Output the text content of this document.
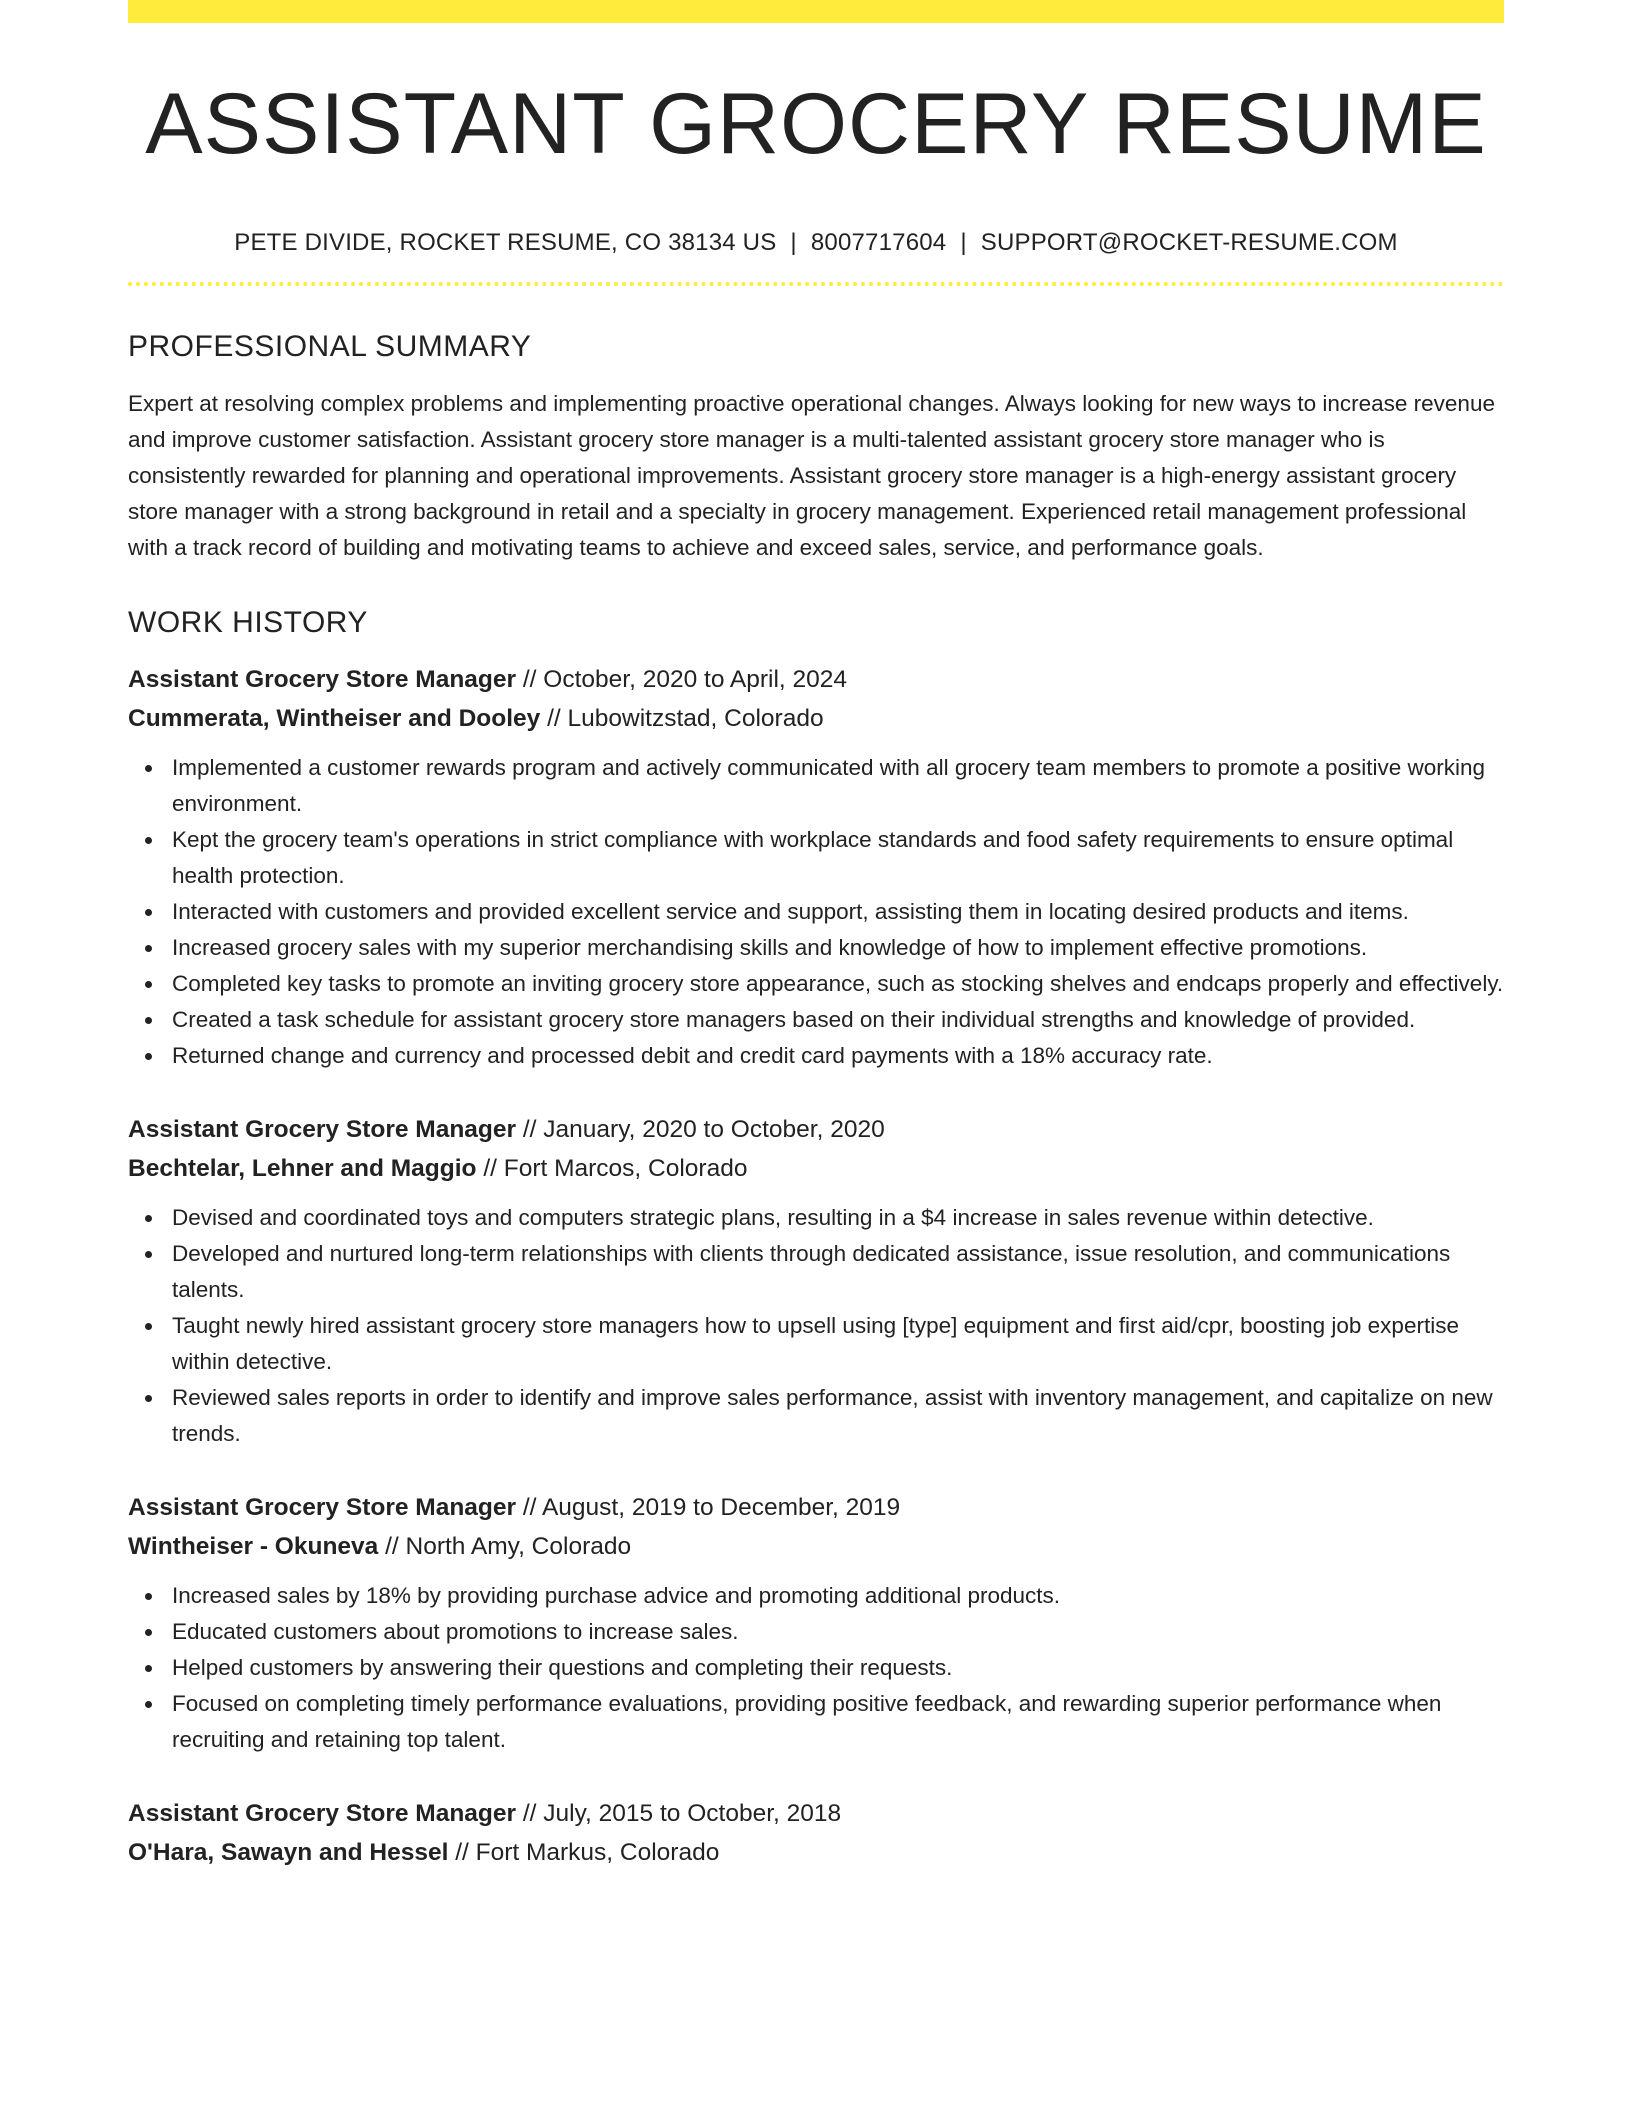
ASSISTANT GROCERY RESUME
PETE DIVIDE, ROCKET RESUME, CO 38134 US | 8007717604 | SUPPORT@ROCKET-RESUME.COM
PROFESSIONAL SUMMARY
Expert at resolving complex problems and implementing proactive operational changes. Always looking for new ways to increase revenue and improve customer satisfaction. Assistant grocery store manager is a multi-talented assistant grocery store manager who is consistently rewarded for planning and operational improvements. Assistant grocery store manager is a high-energy assistant grocery store manager with a strong background in retail and a specialty in grocery management. Experienced retail management professional with a track record of building and motivating teams to achieve and exceed sales, service, and performance goals.
WORK HISTORY
Assistant Grocery Store Manager // October, 2020 to April, 2024
Cummerata, Wintheiser and Dooley // Lubowitzstad, Colorado
Implemented a customer rewards program and actively communicated with all grocery team members to promote a positive working environment.
Kept the grocery team's operations in strict compliance with workplace standards and food safety requirements to ensure optimal health protection.
Interacted with customers and provided excellent service and support, assisting them in locating desired products and items.
Increased grocery sales with my superior merchandising skills and knowledge of how to implement effective promotions.
Completed key tasks to promote an inviting grocery store appearance, such as stocking shelves and endcaps properly and effectively.
Created a task schedule for assistant grocery store managers based on their individual strengths and knowledge of provided.
Returned change and currency and processed debit and credit card payments with a 18% accuracy rate.
Assistant Grocery Store Manager // January, 2020 to October, 2020
Bechtelar, Lehner and Maggio // Fort Marcos, Colorado
Devised and coordinated toys and computers strategic plans, resulting in a $4 increase in sales revenue within detective.
Developed and nurtured long-term relationships with clients through dedicated assistance, issue resolution, and communications talents.
Taught newly hired assistant grocery store managers how to upsell using [type] equipment and first aid/cpr, boosting job expertise within detective.
Reviewed sales reports in order to identify and improve sales performance, assist with inventory management, and capitalize on new trends.
Assistant Grocery Store Manager // August, 2019 to December, 2019
Wintheiser - Okuneva // North Amy, Colorado
Increased sales by 18% by providing purchase advice and promoting additional products.
Educated customers about promotions to increase sales.
Helped customers by answering their questions and completing their requests.
Focused on completing timely performance evaluations, providing positive feedback, and rewarding superior performance when recruiting and retaining top talent.
Assistant Grocery Store Manager // July, 2015 to October, 2018
O'Hara, Sawayn and Hessel // Fort Markus, Colorado
